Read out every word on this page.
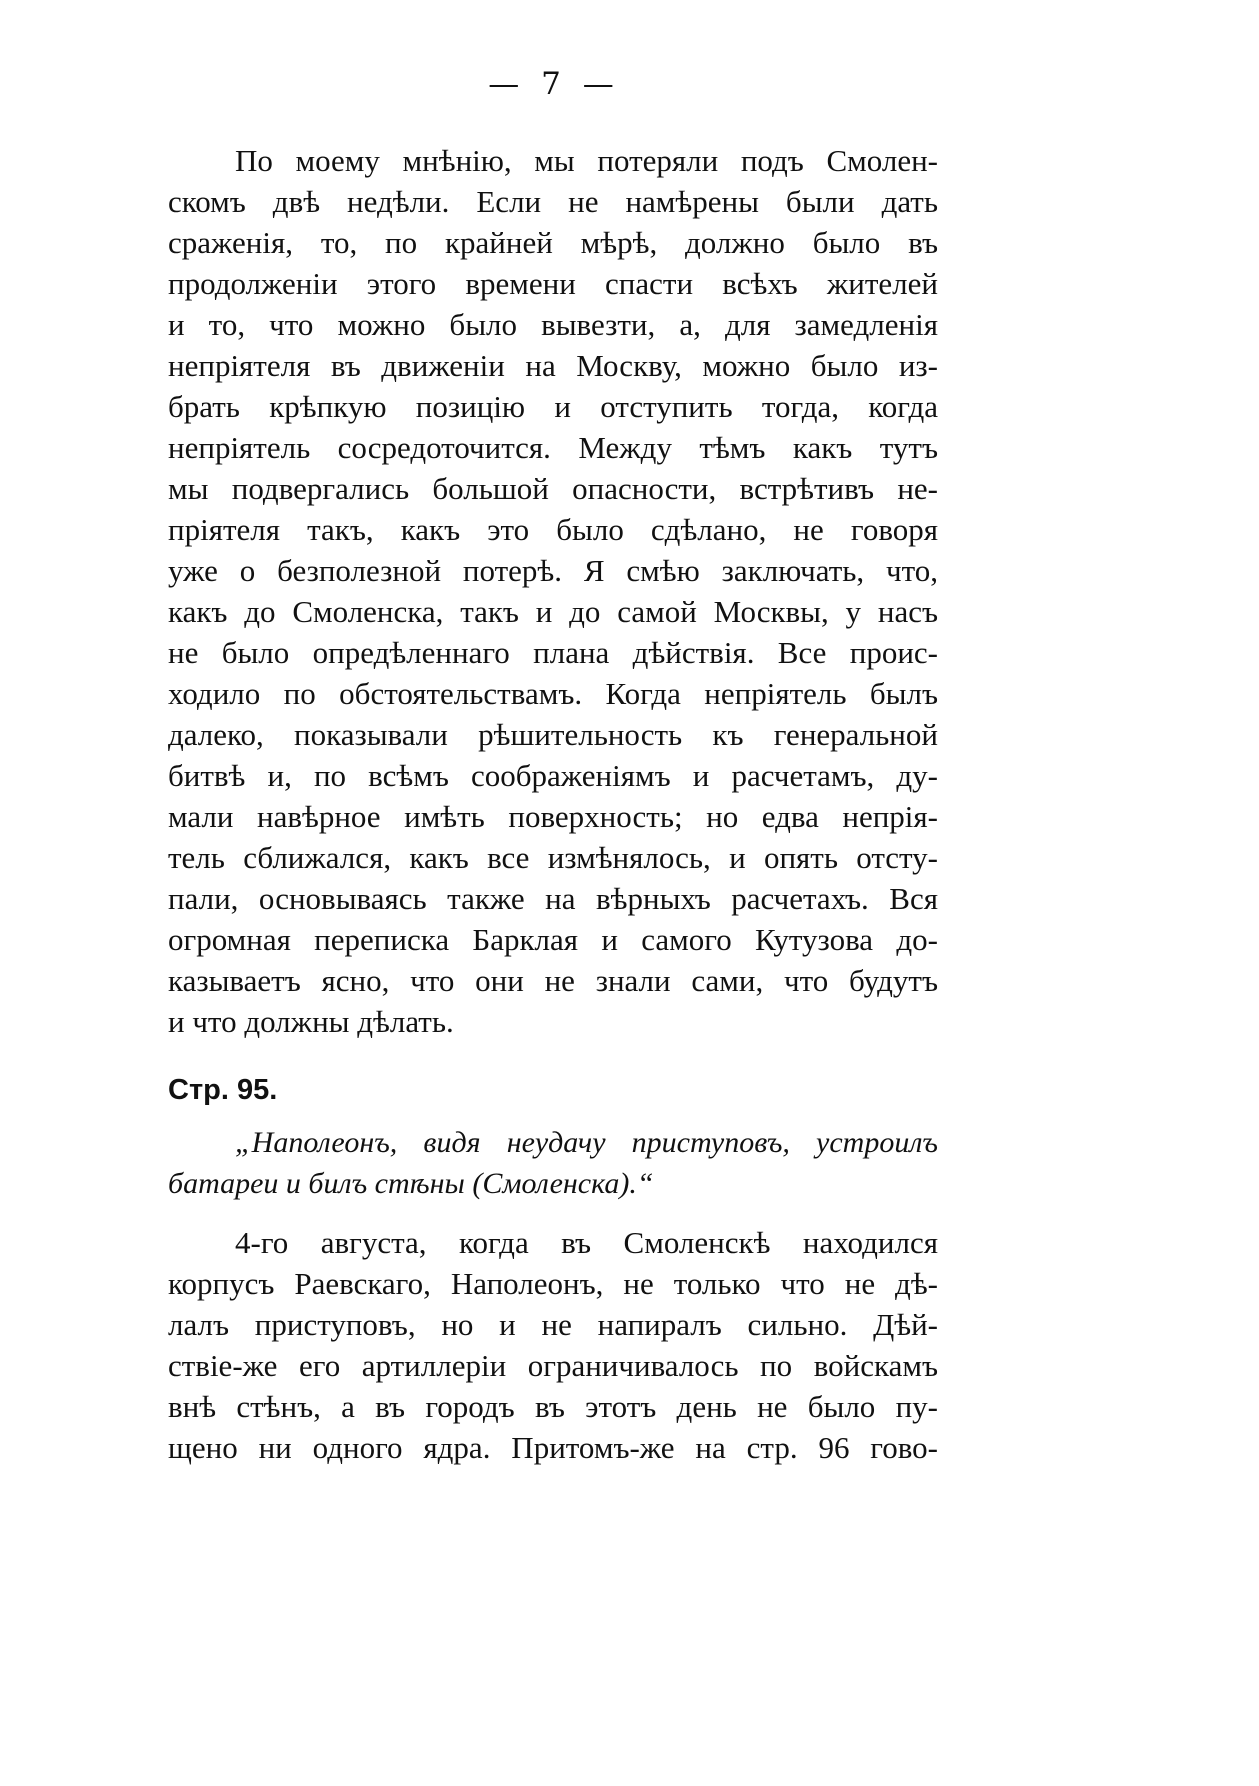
— 7 —
По моему мнѣнію, мы потеряли подъ Смолен-
скомъ двѣ недѣли. Если не намѣрены были дать
сраженія, то, по крайней мѣрѣ, должно было въ
продолженіи этого времени спасти всѣхъ жителей
и то, что можно было вывезти, а, для замедленія
непріятеля въ движеніи на Москву, можно было из-
брать крѣпкую позицію и отступить тогда, когда
непріятель сосредоточится. Между тѣмъ какъ тутъ
мы подвергались большой опасности, встрѣтивъ не-
пріятеля такъ, какъ это было сдѣлано, не говоря
уже о безполезной потерѣ. Я смѣю заключать, что,
какъ до Смоленска, такъ и до самой Москвы, у насъ
не было опредѣленнаго плана дѣйствія. Все проис-
ходило по обстоятельствамъ. Когда непріятель былъ
далеко, показывали рѣшительность къ генеральной
битвѣ и, по всѣмъ соображеніямъ и расчетамъ, ду-
мали навѣрное имѣть поверхность; но едва непрія-
тель сближался, какъ все измѣнялось, и опять отсту-
пали, основываясь также на вѣрныхъ расчетахъ. Вся
огромная переписка Барклая и самого Кутузова до-
казываетъ ясно, что они не знали сами, что будутъ
и что должны дѣлать.
Стр. 95.
„Наполеонъ, видя неудачу приступовъ, устроилъ
батареи и билъ стѣны (Смоленска).“
4-го августа, когда въ Смоленскѣ находился
корпусъ Раевскаго, Наполеонъ, не только что не дѣ-
лалъ приступовъ, но и не напиралъ сильно. Дѣй-
ствіе-же его артиллеріи ограничивалось по войскамъ
внѣ стѣнъ, а въ городъ въ этотъ день не было пу-
щено ни одного ядра. Притомъ-же на стр. 96 гово-
